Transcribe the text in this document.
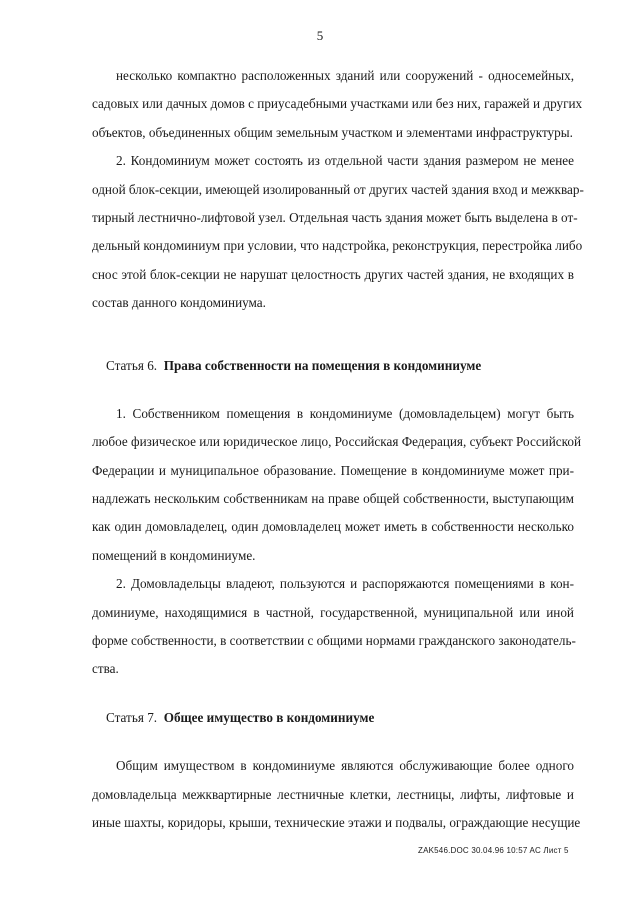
5
несколько компактно расположенных зданий или сооружений - односемейных,
садовых или дачных домов с приусадебными участками или без них, гаражей и других
объектов, объединенных общим земельным участком и элементами инфраструктуры.
2. Кондоминиум может состоять из отдельной части здания размером не менее
одной блок-секции, имеющей изолированный от других частей здания вход и межквар-
тирный лестнично-лифтовой узел. Отдельная часть здания может быть выделена в от-
дельный кондоминиум при условии, что надстройка, реконструкция, перестройка либо
снос этой блок-секции не нарушат целостность других частей здания, не входящих в
состав данного кондоминиума.
Статья 6. Права собственности на помещения в кондоминиуме
1. Собственником помещения в кондоминиуме (домовладельцем) могут быть
любое физическое или юридическое лицо, Российская Федерация, субъект Российской
Федерации и муниципальное образование. Помещение в кондоминиуме может при-
надлежать нескольким собственникам на праве общей собственности, выступающим
как один домовладелец, один домовладелец может иметь в собственности несколько
помещений в кондоминиуме.
2. Домовладельцы владеют, пользуются и распоряжаются помещениями в кон-
доминиуме, находящимися в частной, государственной, муниципальной или иной
форме собственности, в соответствии с общими нормами гражданского законодатель-
ства.
Статья 7. Общее имущество в кондоминиуме
Общим имуществом в кондоминиуме являются обслуживающие более одного
домовладельца межквартирные лестничные клетки, лестницы, лифты, лифтовые и
иные шахты, коридоры, крыши, технические этажи и подвалы, ограждающие несущие
ZAK546.DOC 30.04.96 10:57 AC Лист 5
